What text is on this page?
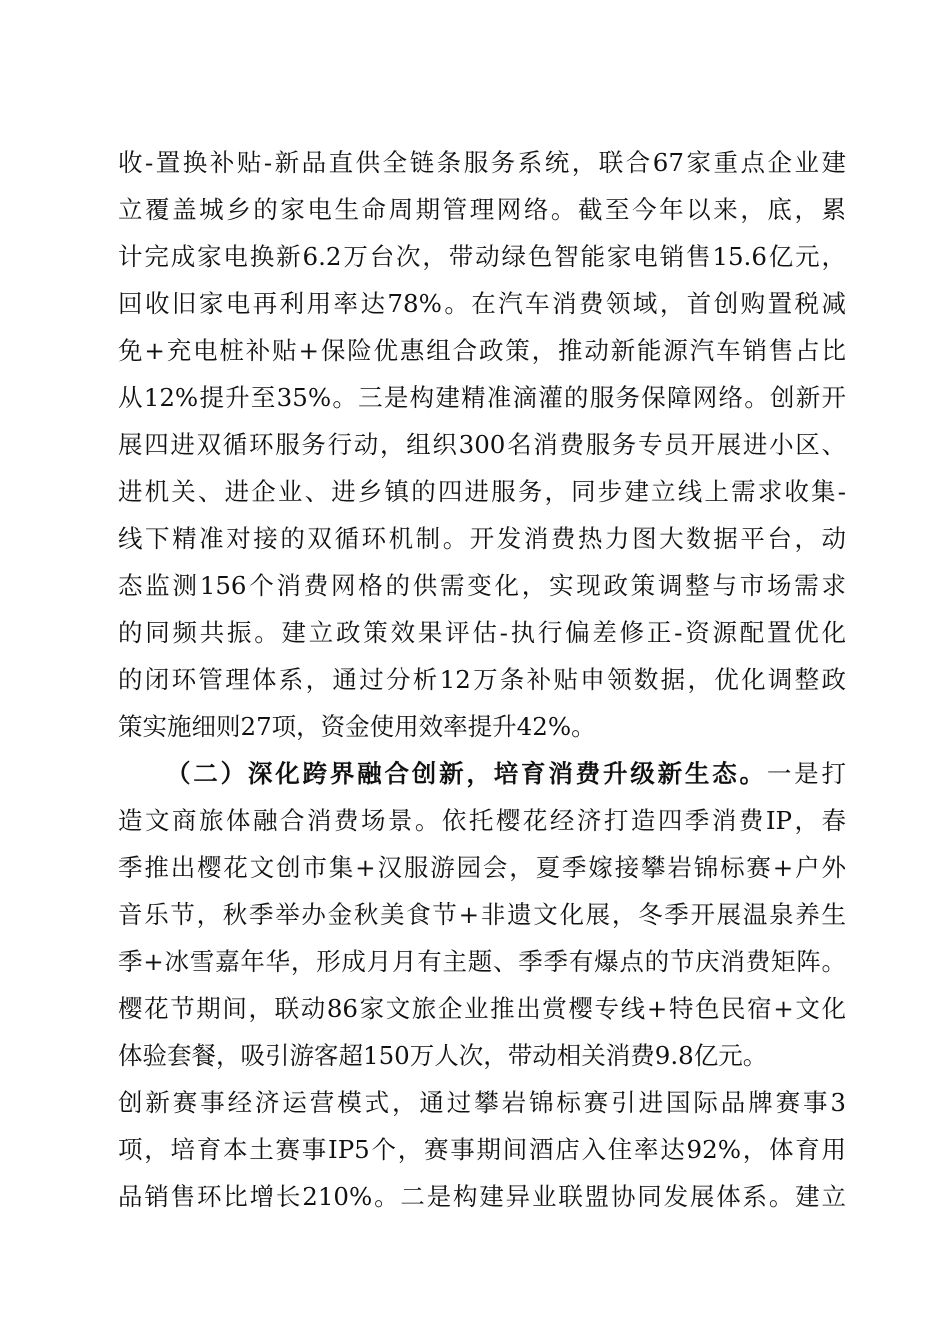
收-置换补贴-新品直供全链条服务系统，联合67家重点企业建
立覆盖城乡的家电生命周期管理网络。截至今年以来，底，累
计完成家电换新6.2万台次，带动绿色智能家电销售15.6亿元，
回收旧家电再利用率达78%。在汽车消费领域，首创购置税减
免+充电桩补贴+保险优惠组合政策，推动新能源汽车销售占比
从12%提升至35%。三是构建精准滴灌的服务保障网络。创新开
展四进双循环服务行动，组织300名消费服务专员开展进小区、
进机关、进企业、进乡镇的四进服务，同步建立线上需求收集-
线下精准对接的双循环机制。开发消费热力图大数据平台，动
态监测156个消费网格的供需变化，实现政策调整与市场需求
的同频共振。建立政策效果评估-执行偏差修正-资源配置优化
的闭环管理体系，通过分析12万条补贴申领数据，优化调整政
策实施细则27项，资金使用效率提升42%。
（二）深化跨界融合创新，培育消费升级新生态。一是打
造文商旅体融合消费场景。依托樱花经济打造四季消费IP，春
季推出樱花文创市集+汉服游园会，夏季嫁接攀岩锦标赛+户外
音乐节，秋季举办金秋美食节+非遗文化展，冬季开展温泉养生
季+冰雪嘉年华，形成月月有主题、季季有爆点的节庆消费矩阵。
樱花节期间，联动86家文旅企业推出赏樱专线+特色民宿+文化
体验套餐，吸引游客超150万人次，带动相关消费9.8亿元。
创新赛事经济运营模式，通过攀岩锦标赛引进国际品牌赛事3
项，培育本土赛事IP5个，赛事期间酒店入住率达92%，体育用
品销售环比增长210%。二是构建异业联盟协同发展体系。建立
